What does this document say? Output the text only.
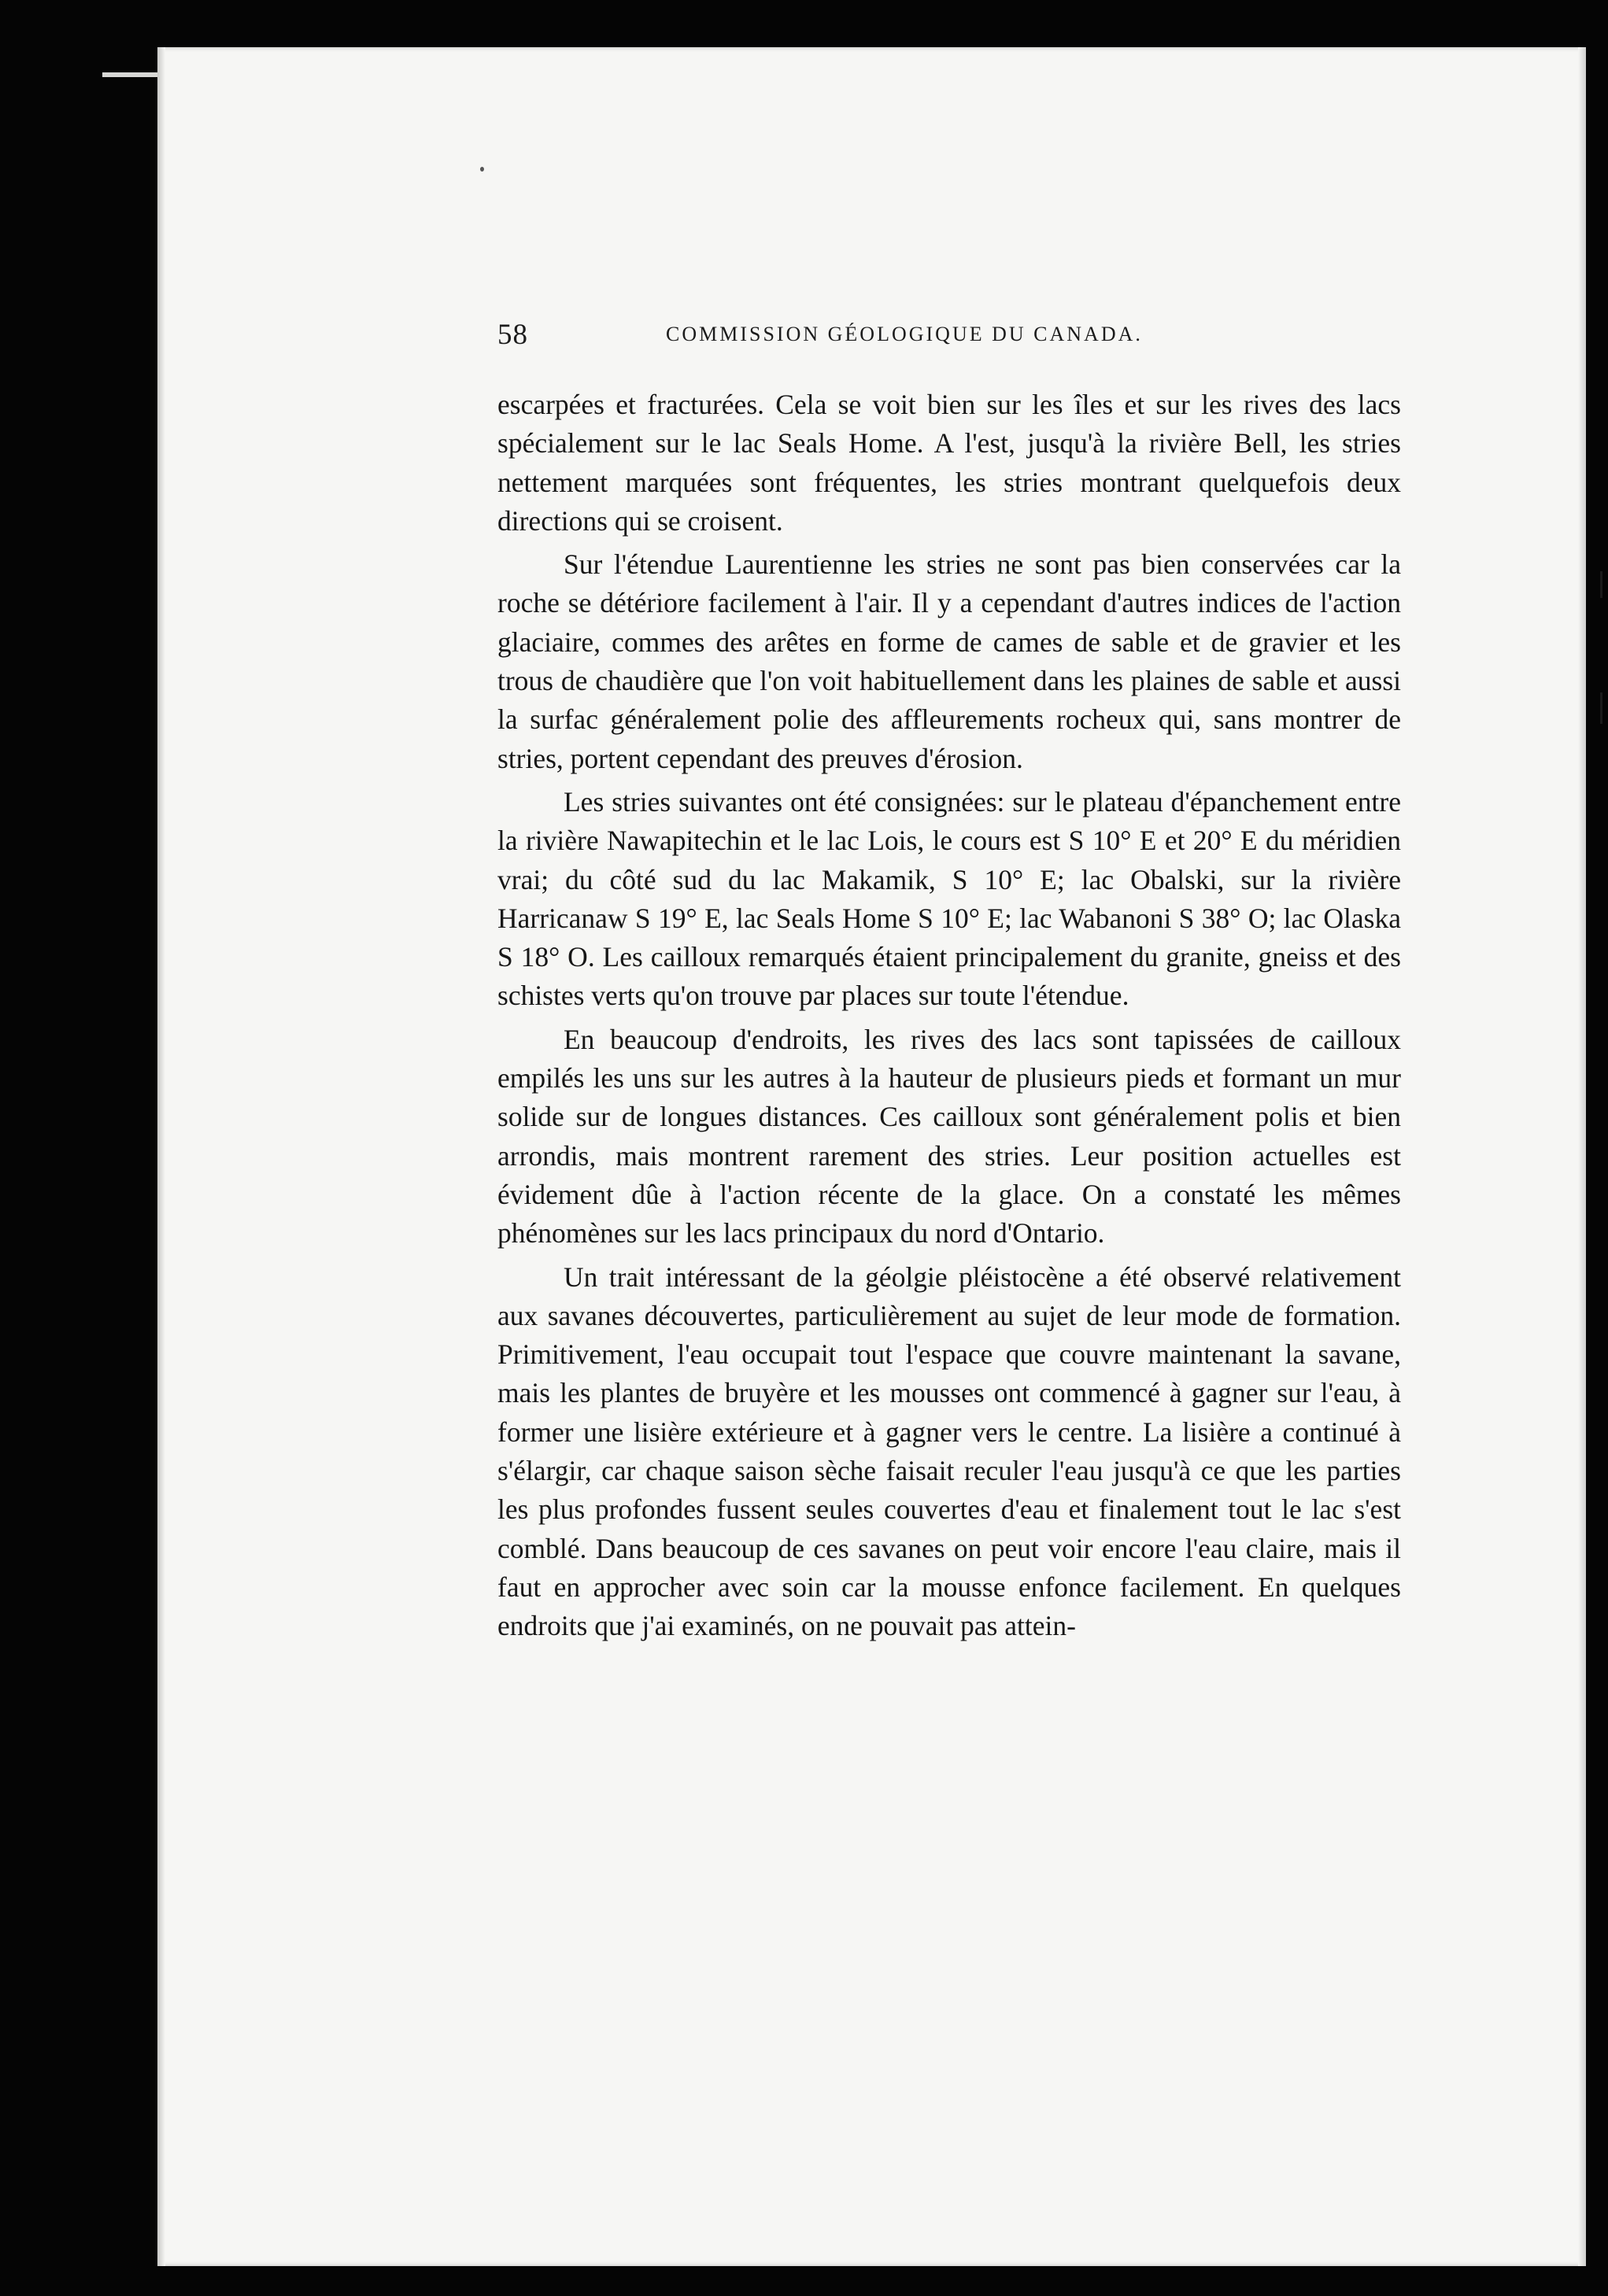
58	COMMISSION GÉOLOGIQUE DU CANADA.

escarpées et fracturées. Cela se voit bien sur les îles et sur les rives des lacs spécialement sur le lac Seals Home. A l'est, jusqu'à la rivière Bell, les stries nettement marquées sont fréquentes, les stries montrant quelquefois deux directions qui se croisent.

Sur l'étendue Laurentienne les stries ne sont pas bien conservées car la roche se détériore facilement à l'air. Il y a cependant d'autres indices de l'action glaciaire, commes des arêtes en forme de cames de sable et de gravier et les trous de chaudière que l'on voit habituellement dans les plaines de sable et aussi la surfac généralement polie des affleurements rocheux qui, sans montrer de stries, portent cependant des preuves d'érosion.

Les stries suivantes ont été consignées: sur le plateau d'épanchement entre la rivière Nawapitechin et le lac Lois, le cours est S 10° E et 20° E du méridien vrai; du côté sud du lac Makamik, S 10° E; lac Obalski, sur la rivière Harricanaw S 19° E, lac Seals Home S 10° E; lac Wabanoni S 38° O; lac Olaska S 18° O. Les cailloux remarqués étaient principalement du granite, gneiss et des schistes verts qu'on trouve par places sur toute l'étendue.

En beaucoup d'endroits, les rives des lacs sont tapissées de cailloux empilés les uns sur les autres à la hauteur de plusieurs pieds et formant un mur solide sur de longues distances. Ces cailloux sont généralement polis et bien arrondis, mais montrent rarement des stries. Leur position actuelles est évidement dûe à l'action récente de la glace. On a constaté les mêmes phénomènes sur les lacs principaux du nord d'Ontario.

Un trait intéressant de la géolgie pléistocène a été observé relativement aux savanes découvertes, particulièrement au sujet de leur mode de formation. Primitivement, l'eau occupait tout l'espace que couvre maintenant la savane, mais les plantes de bruyère et les mousses ont commencé à gagner sur l'eau, à former une lisière extérieure et à gagner vers le centre. La lisière a continué à s'élargir, car chaque saison sèche faisait reculer l'eau jusqu'à ce que les parties les plus profondes fussent seules couvertes d'eau et finalement tout le lac s'est comblé. Dans beaucoup de ces savanes on peut voir encore l'eau claire, mais il faut en approcher avec soin car la mousse enfonce facilement. En quelques endroits que j'ai examinés, on ne pouvait pas attein-
